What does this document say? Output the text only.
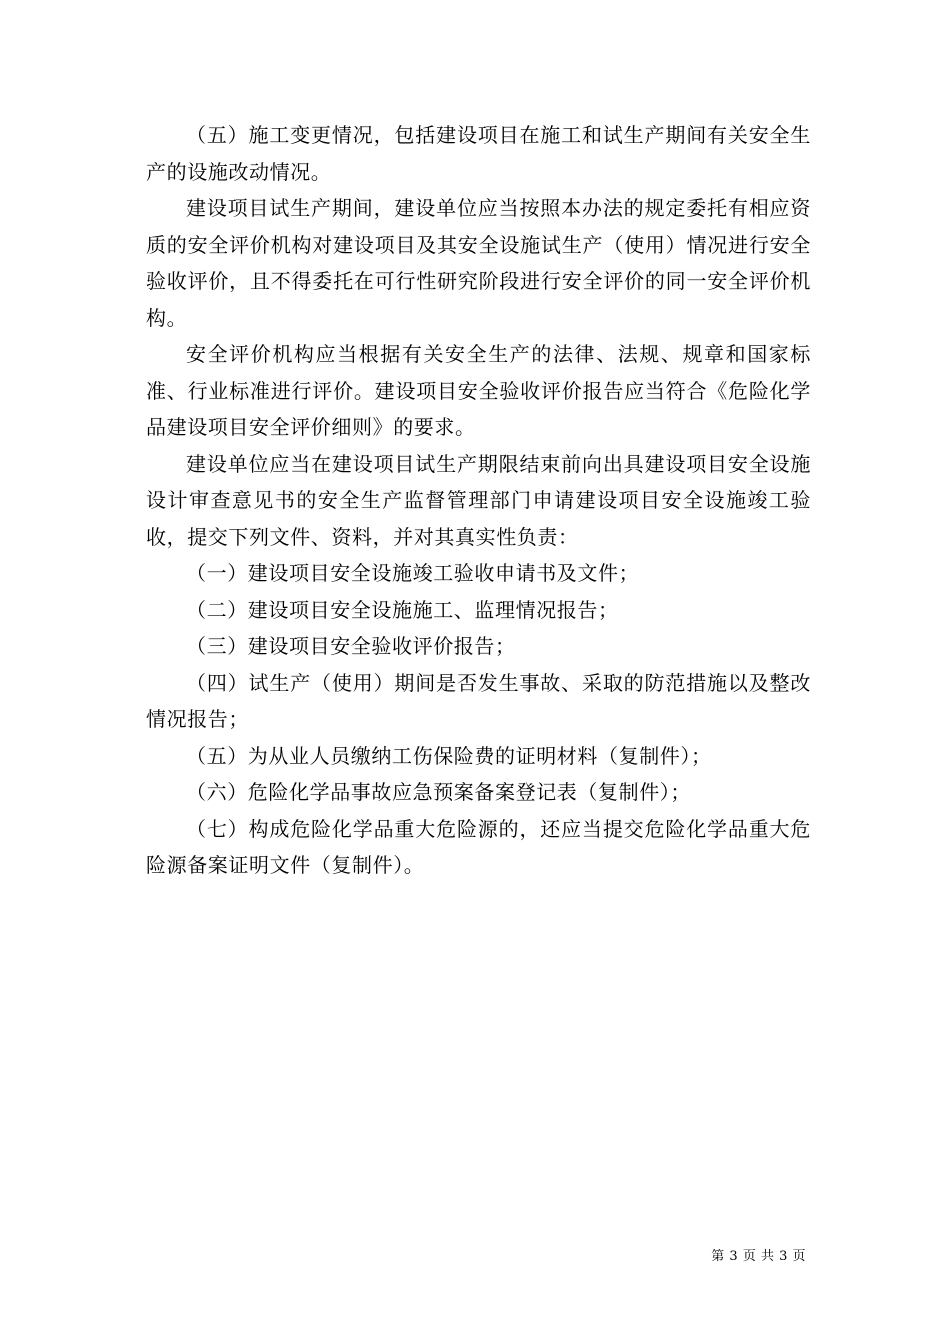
（五）施工变更情况，包括建设项目在施工和试生产期间有关安全生产的设施改动情况。

建设项目试生产期间，建设单位应当按照本办法的规定委托有相应资质的安全评价机构对建设项目及其安全设施试生产（使用）情况进行安全验收评价，且不得委托在可行性研究阶段进行安全评价的同一安全评价机构。

安全评价机构应当根据有关安全生产的法律、法规、规章和国家标准、行业标准进行评价。建设项目安全验收评价报告应当符合《危险化学品建设项目安全评价细则》的要求。

建设单位应当在建设项目试生产期限结束前向出具建设项目安全设施设计审查意见书的安全生产监督管理部门申请建设项目安全设施竣工验收，提交下列文件、资料，并对其真实性负责：

（一）建设项目安全设施竣工验收申请书及文件；

（二）建设项目安全设施施工、监理情况报告；

（三）建设项目安全验收评价报告；

（四）试生产（使用）期间是否发生事故、采取的防范措施以及整改情况报告；

（五）为从业人员缴纳工伤保险费的证明材料（复制件）；

（六）危险化学品事故应急预案备案登记表（复制件）；

（七）构成危险化学品重大危险源的，还应当提交危险化学品重大危险源备案证明文件（复制件）。

第 3 页 共 3 页
